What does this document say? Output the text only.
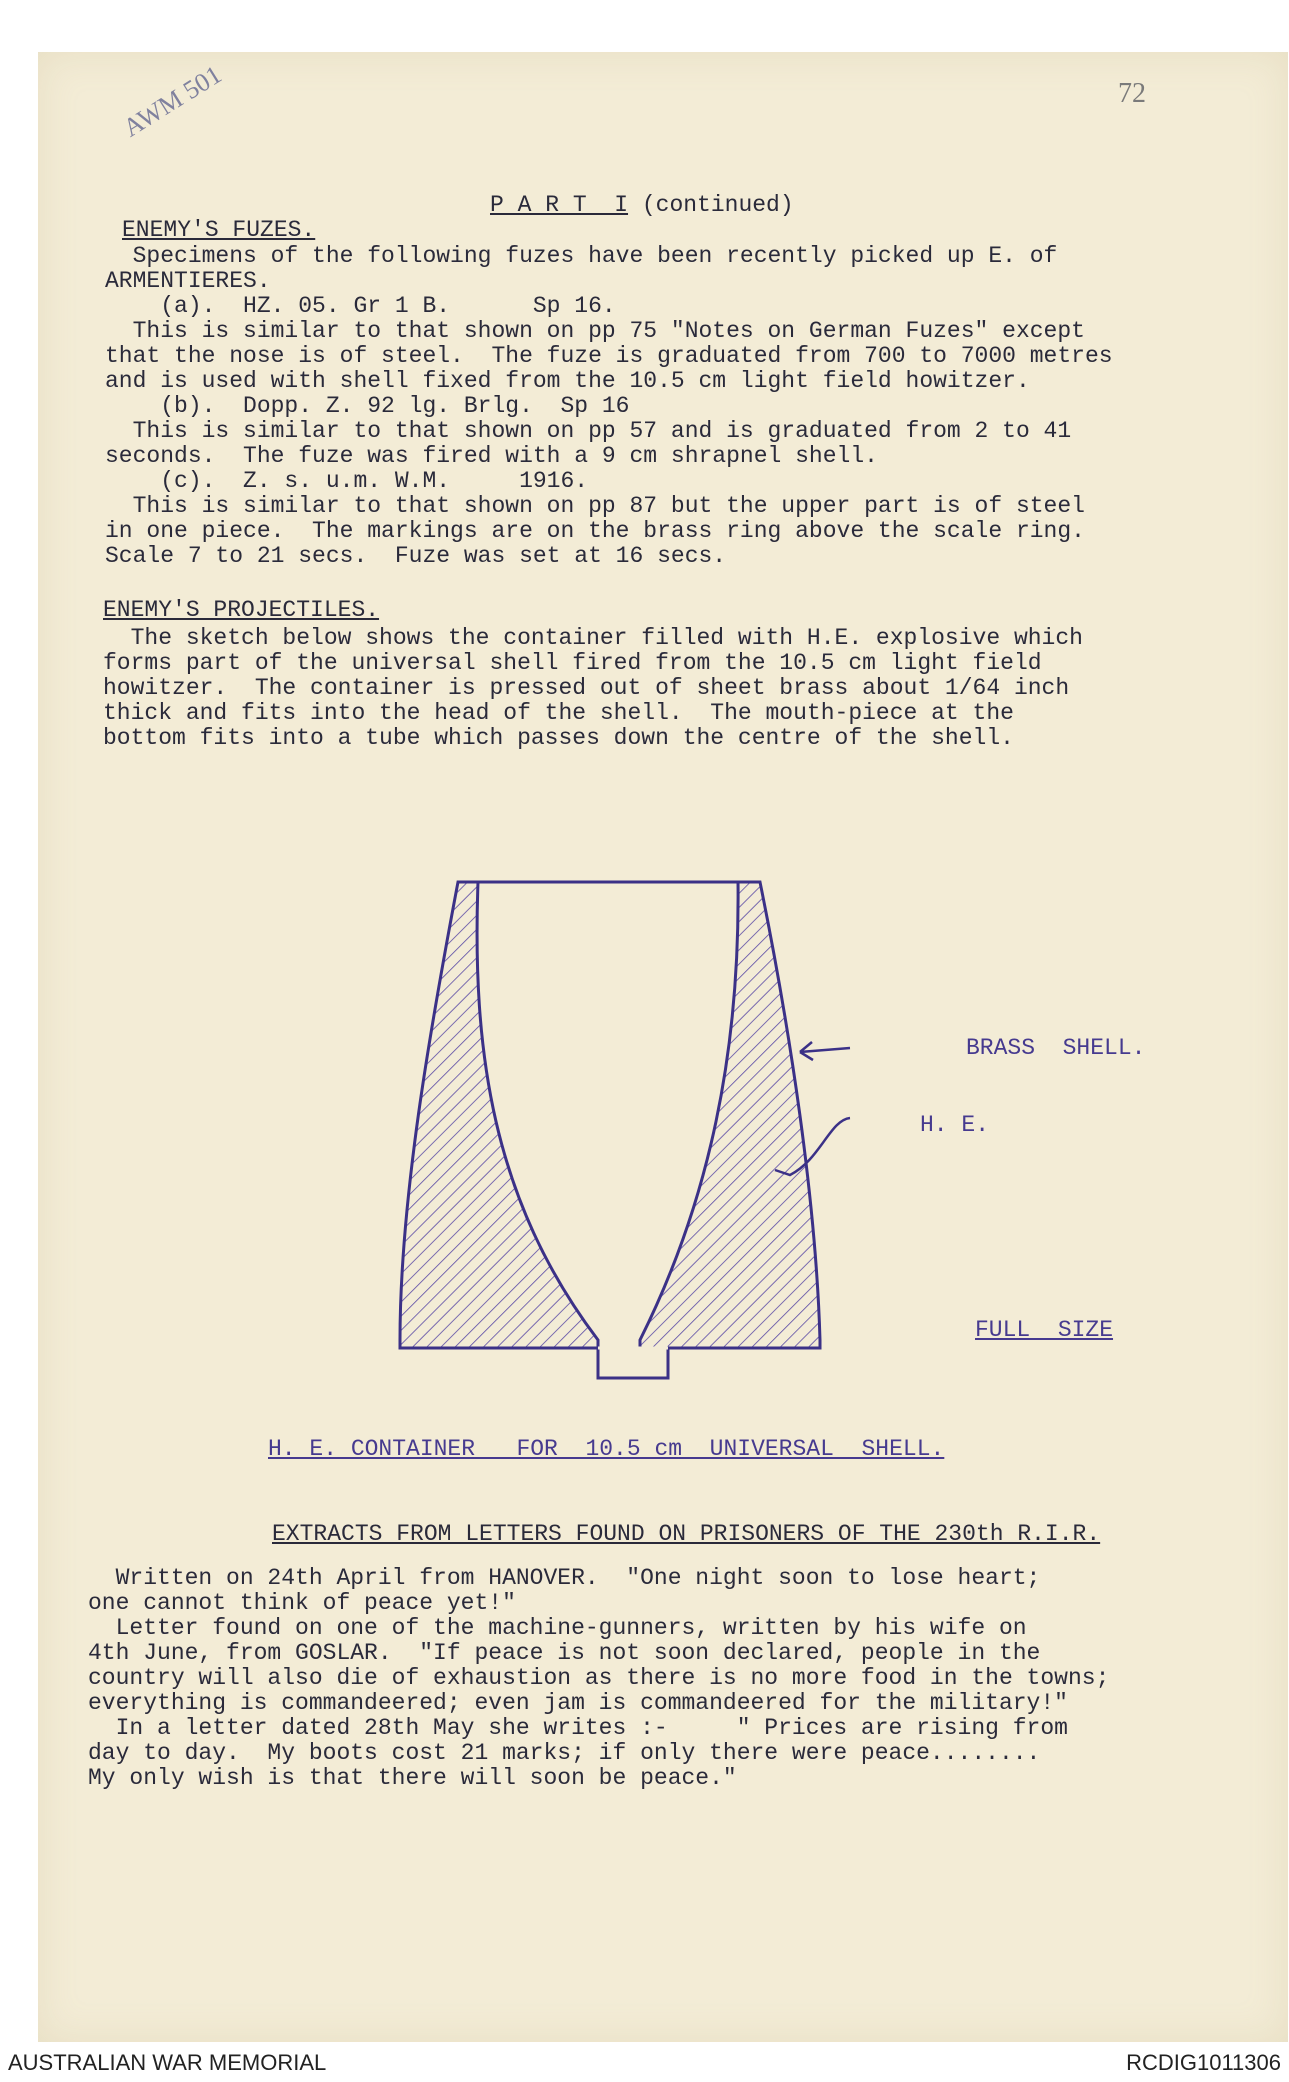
72
AWM 501
P A R T  I (continued)
ENEMY'S FUZES.
Specimens of the following fuzes have been recently picked up E. of
ARMENTIERES.
(a).  HZ. 05. Gr 1 B.      Sp 16.
This is similar to that shown on pp 75 "Notes on German Fuzes" except
that the nose is of steel.  The fuze is graduated from 700 to 7000 metres
and is used with shell fixed from the 10.5 cm light field howitzer.
(b).  Dopp. Z. 92 lg. Brlg.  Sp 16
This is similar to that shown on pp 57 and is graduated from 2 to 41
seconds.  The fuze was fired with a 9 cm shrapnel shell.
(c).  Z. s. u.m. W.M.     1916.
This is similar to that shown on pp 87 but the upper part is of steel
in one piece.  The markings are on the brass ring above the scale ring.
Scale 7 to 21 secs.  Fuze was set at 16 secs.
ENEMY'S PROJECTILES.
The sketch below shows the container filled with H.E. explosive which
forms part of the universal shell fired from the 10.5 cm light field
howitzer.  The container is pressed out of sheet brass about 1/64 inch
thick and fits into the head of the shell.  The mouth-piece at the
bottom fits into a tube which passes down the centre of the shell.
BRASS  SHELL.
H. E.
FULL  SIZE
H. E. CONTAINER   FOR  10.5 cm  UNIVERSAL  SHELL.
EXTRACTS FROM LETTERS FOUND ON PRISONERS OF THE 230th R.I.R.
Written on 24th April from HANOVER.  "One night soon to lose heart;
one cannot think of peace yet!"
Letter found on one of the machine-gunners, written by his wife on
4th June, from GOSLAR.  "If peace is not soon declared, people in the
country will also die of exhaustion as there is no more food in the towns;
everything is commandeered; even jam is commandeered for the military!"
In a letter dated 28th May she writes :-     " Prices are rising from
day to day.  My boots cost 21 marks; if only there were peace........
My only wish is that there will soon be peace."
AUSTRALIAN WAR MEMORIAL	RCDIG1011306
